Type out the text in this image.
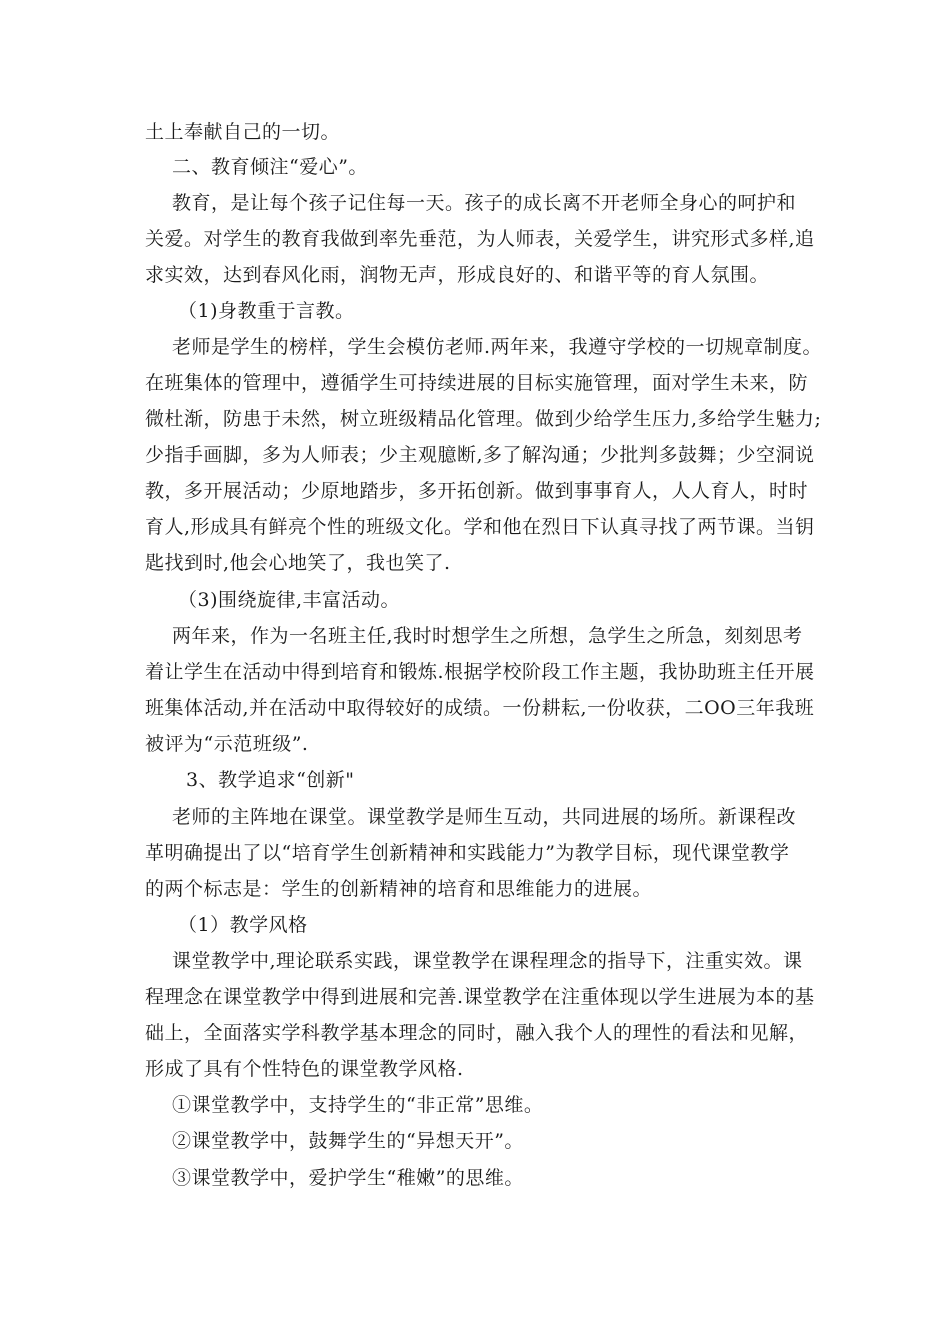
土上奉献自己的一切。
二、教育倾注“爱心”。
教育，是让每个孩子记住每一天。孩子的成长离不开老师全身心的呵护和
关爱。对学生的教育我做到率先垂范，为人师表，关爱学生，讲究形式多样,追
求实效，达到春风化雨，润物无声，形成良好的、和谐平等的育人氛围。
（1)身教重于言教。
老师是学生的榜样，学生会模仿老师.两年来，我遵守学校的一切规章制度。
在班集体的管理中，遵循学生可持续进展的目标实施管理，面对学生未来，防
微杜渐，防患于未然，树立班级精品化管理。做到少给学生压力,多给学生魅力;
少指手画脚，多为人师表；少主观臆断,多了解沟通；少批判多鼓舞；少空洞说
教，多开展活动；少原地踏步，多开拓创新。做到事事育人，人人育人，时时
育人,形成具有鲜亮个性的班级文化。学和他在烈日下认真寻找了两节课。当钥
匙找到时,他会心地笑了，我也笑了.
（3)围绕旋律,丰富活动。
两年来，作为一名班主任,我时时想学生之所想，急学生之所急，刻刻思考
着让学生在活动中得到培育和锻炼.根据学校阶段工作主题，我协助班主任开展
班集体活动,并在活动中取得较好的成绩。一份耕耘,一份收获，二OO三年我班
被评为“示范班级”.
3、教学追求“创新"
老师的主阵地在课堂。课堂教学是师生互动，共同进展的场所。新课程改
革明确提出了以“培育学生创新精神和实践能力”为教学目标，现代课堂教学
的两个标志是：学生的创新精神的培育和思维能力的进展。
（1）教学风格
课堂教学中,理论联系实践，课堂教学在课程理念的指导下，注重实效。课
程理念在课堂教学中得到进展和完善.课堂教学在注重体现以学生进展为本的基
础上，全面落实学科教学基本理念的同时，融入我个人的理性的看法和见解，
形成了具有个性特色的课堂教学风格.
①课堂教学中，支持学生的“非正常”思维。
②课堂教学中，鼓舞学生的“异想天开”。
③课堂教学中，爱护学生“稚嫩”的思维。
